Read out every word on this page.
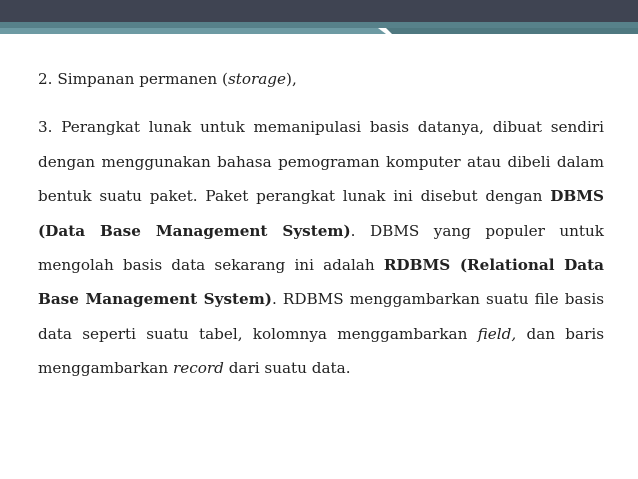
2. Simpanan permanen (storage),

3. Perangkat lunak untuk memanipulasi basis datanya, dibuat sendiri dengan menggunakan bahasa pemograman komputer atau dibeli dalam bentuk suatu paket. Paket perangkat lunak ini disebut dengan DBMS (Data Base Management System). DBMS yang populer untuk mengolah basis data sekarang ini adalah RDBMS (Relational Data Base Management System). RDBMS menggambarkan suatu file basis data seperti suatu tabel, kolomnya menggambarkan field, dan baris menggambarkan record dari suatu data.
